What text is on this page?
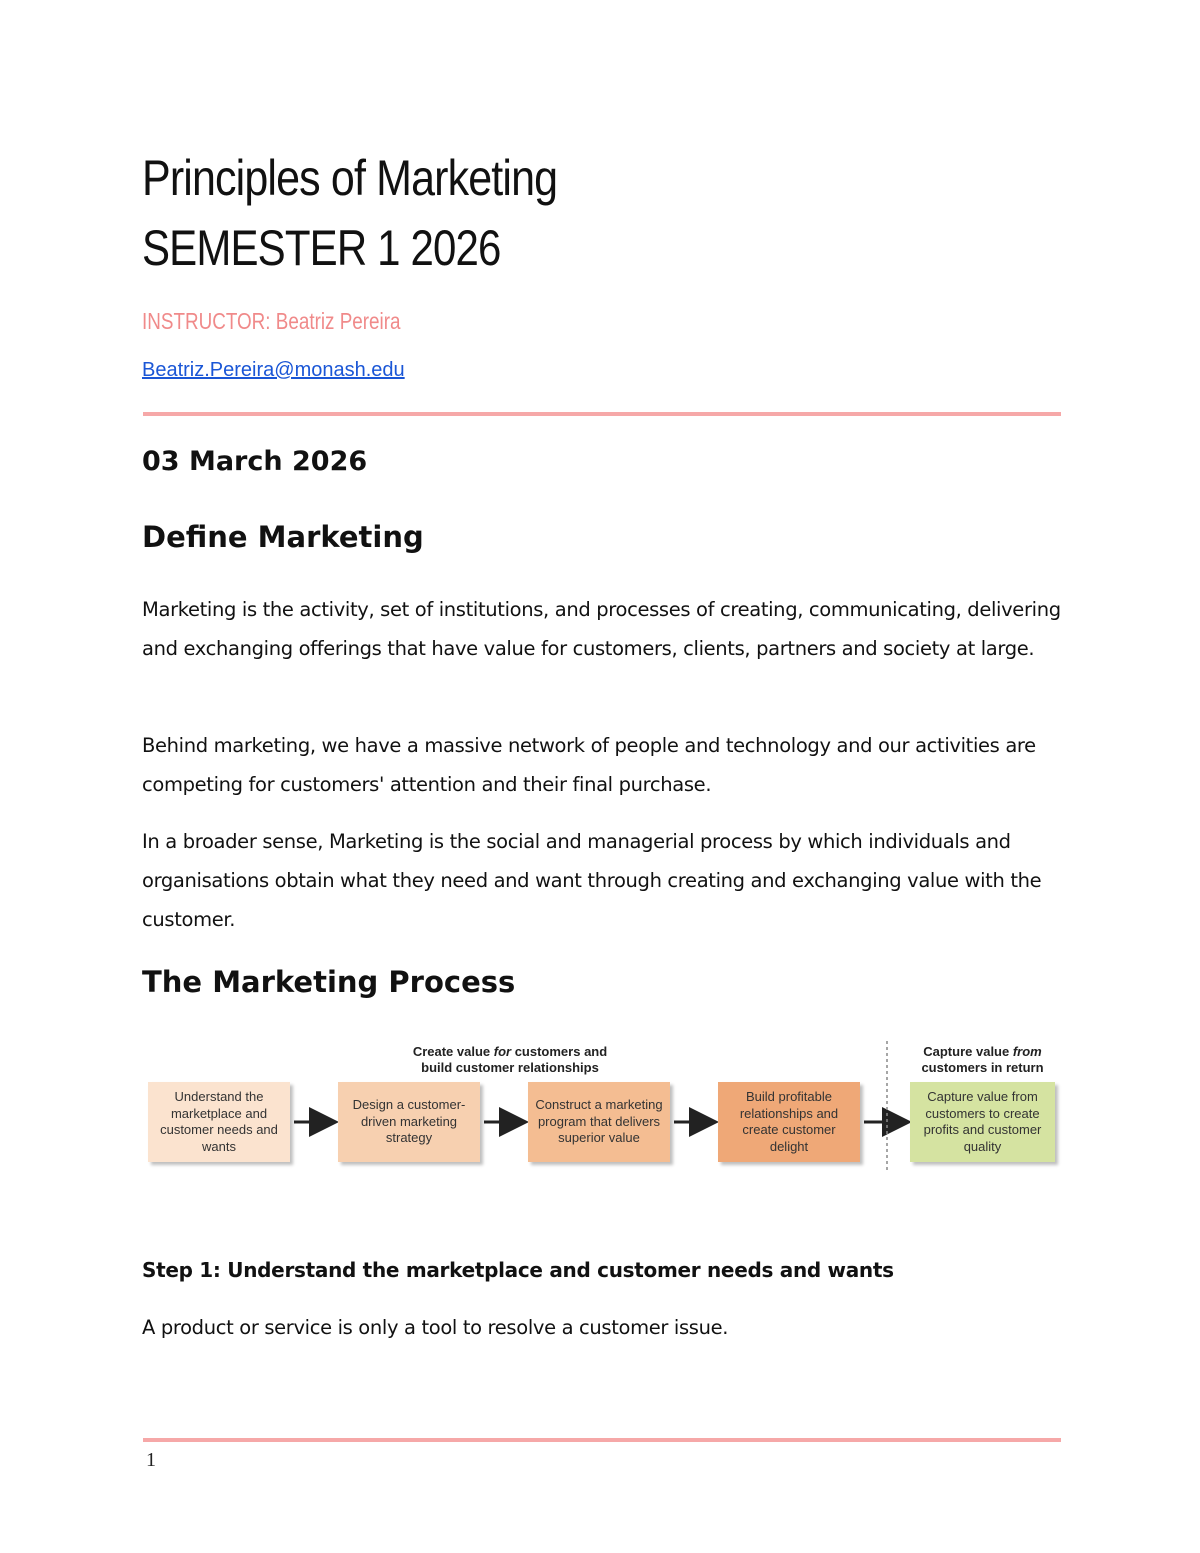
Principles of Marketing
SEMESTER 1 2026
INSTRUCTOR: Beatriz Pereira
Beatriz.Pereira@monash.edu
03 March 2026
Define Marketing

Marketing is the activity, set of institutions, and processes of creating, communicating, delivering and exchanging offerings that have value for customers, clients, partners and society at large.

Behind marketing, we have a massive network of people and technology and our activities are competing for customers' attention and their final purchase.

In a broader sense, Marketing is the social and managerial process by which individuals and organisations obtain what they need and want through creating and exchanging value with the customer.

The Marketing Process
Create value for customers and
build customer relationships
Capture value from
customers in return
Understand the marketplace and customer needs and wants
Design a customer-driven marketing strategy
Construct a marketing program that delivers superior value
Build profitable relationships and create customer delight
Capture value from customers to create profits and customer quality
Step 1: Understand the marketplace and customer needs and wants

A product or service is only a tool to resolve a customer issue.

1
